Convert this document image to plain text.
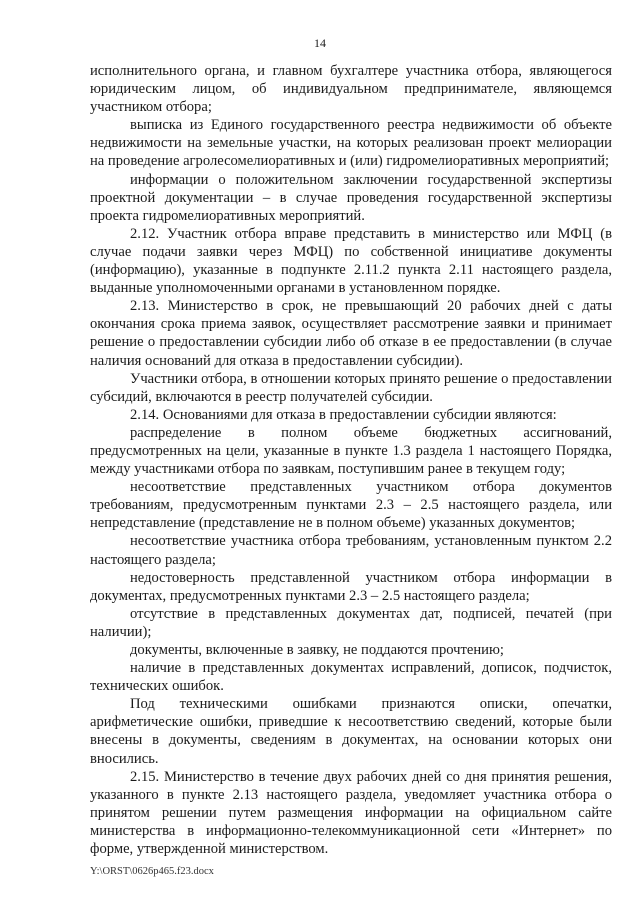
14

исполнительного органа, и главном бухгалтере участника отбора, являющегося юридическим лицом, об индивидуальном предпринимателе, являющемся участником отбора;

выписка из Единого государственного реестра недвижимости об объекте недвижимости на земельные участки, на которых реализован проект мелиорации на проведение агролесомелиоративных и (или) гидромелиоративных мероприятий;

информации о положительном заключении государственной экспертизы проектной документации – в случае проведения государственной экспертизы проекта гидромелиоративных мероприятий.

2.12. Участник отбора вправе представить в министерство или МФЦ (в случае подачи заявки через МФЦ) по собственной инициативе документы (информацию), указанные в подпункте 2.11.2 пункта 2.11 настоящего раздела, выданные уполномоченными органами в установленном порядке.

2.13. Министерство в срок, не превышающий 20 рабочих дней с даты окончания срока приема заявок, осуществляет рассмотрение заявки и принимает решение о предоставлении субсидии либо об отказе в ее предоставлении (в случае наличия оснований для отказа в предоставлении субсидии).

Участники отбора, в отношении которых принято решение о предоставлении субсидий, включаются в реестр получателей субсидии.

2.14. Основаниями для отказа в предоставлении субсидии являются:

распределение в полном объеме бюджетных ассигнований, предусмотренных на цели, указанные в пункте 1.3 раздела 1 настоящего Порядка, между участниками отбора по заявкам, поступившим ранее в текущем году;

несоответствие представленных участником отбора документов требованиям, предусмотренным пунктами 2.3 – 2.5 настоящего раздела, или непредставление (представление не в полном объеме) указанных документов;

несоответствие участника отбора требованиям, установленным пунктом 2.2 настоящего раздела;

недостоверность представленной участником отбора информации в документах, предусмотренных пунктами 2.3 – 2.5 настоящего раздела;

отсутствие в представленных документах дат, подписей, печатей (при наличии);

документы, включенные в заявку, не поддаются прочтению;

наличие в представленных документах исправлений, дописок, подчисток, технических ошибок.

Под техническими ошибками признаются описки, опечатки, арифметические ошибки, приведшие к несоответствию сведений, которые были внесены в документы, сведениям в документах, на основании которых они вносились.

2.15. Министерство в течение двух рабочих дней со дня принятия решения, указанного в пункте 2.13 настоящего раздела, уведомляет участника отбора о принятом решении путем размещения информации на официальном сайте министерства в информационно-телекоммуникационной сети «Интернет» по форме, утвержденной министерством.

Y:\ORST\0626p465.f23.docx
